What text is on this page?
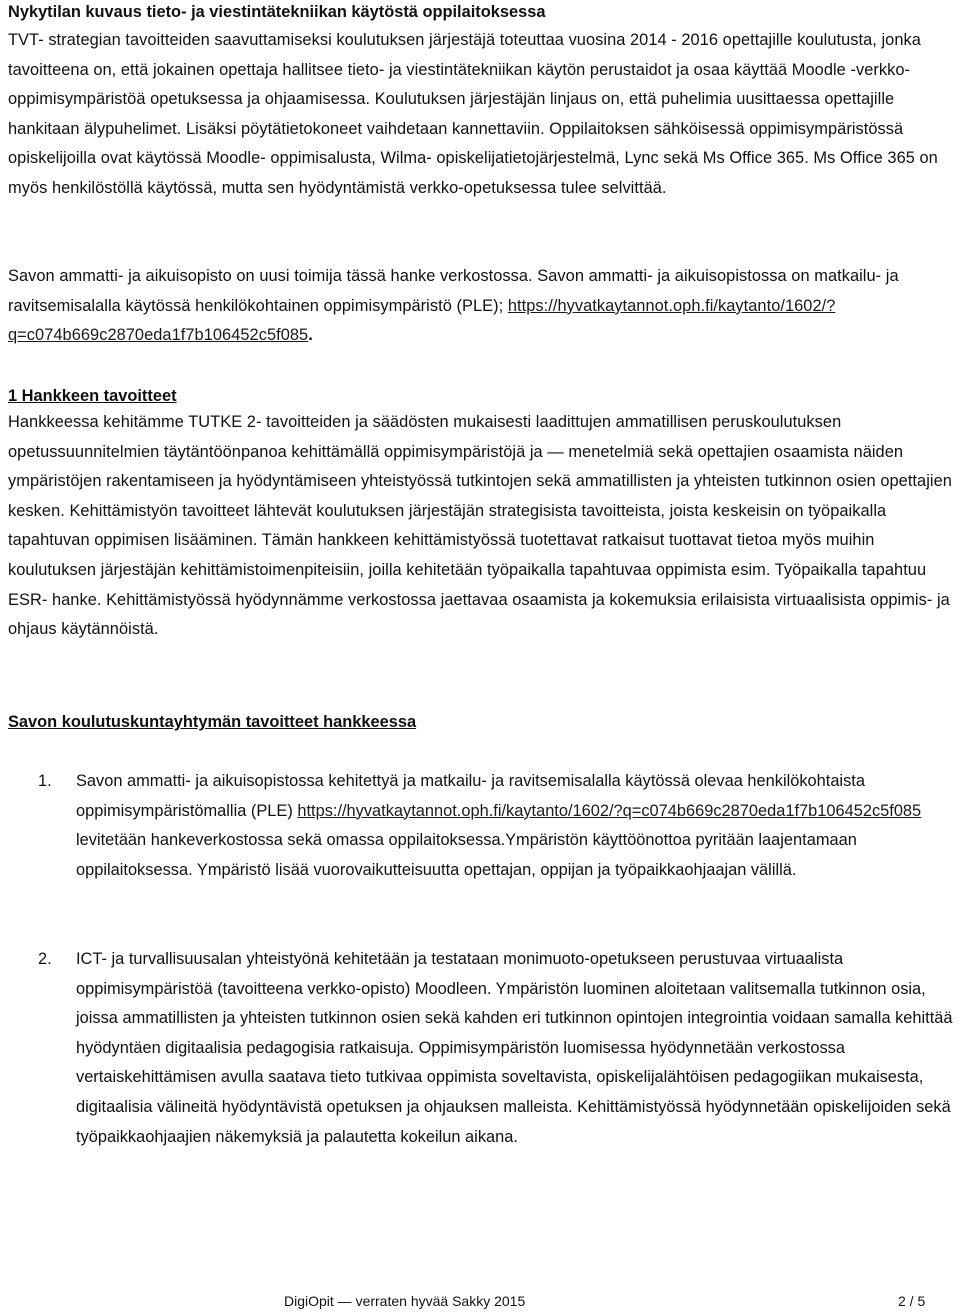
Nykytilan kuvaus tieto- ja viestintätekniikan käytöstä oppilaitoksessa
TVT- strategian tavoitteiden saavuttamiseksi koulutuksen järjestäjä toteuttaa vuosina 2014 - 2016 opettajille koulutusta, jonka tavoitteena on, että jokainen opettaja hallitsee tieto- ja viestintätekniikan käytön perustaidot ja osaa käyttää Moodle -verkko-oppimisympäristöä opetuksessa ja ohjaamisessa. Koulutuksen järjestäjän linjaus on, että puhelimia uusittaessa opettajille hankitaan älypuhelimet. Lisäksi pöytätietokoneet vaihdetaan kannettaviin. Oppilaitoksen sähköisessä oppimisympäristössä opiskelijoilla ovat käytössä Moodle- oppimisalusta, Wilma- opiskelijatietojärjestelmä, Lync sekä Ms Office 365. Ms Office 365 on myös henkilöstöllä käytössä, mutta sen hyödyntämistä verkko-opetuksessa tulee selvittää.
Savon ammatti- ja aikuisopisto on uusi toimija tässä hanke verkostossa. Savon ammatti- ja aikuisopistossa on matkailu- ja ravitsemisalalla käytössä henkilökohtainen oppimisympäristö (PLE); https://hyvatkaytannot.oph.fi/kaytanto/1602/?q=c074b669c2870eda1f7b106452c5f085.
1 Hankkeen tavoitteet
Hankkeessa kehitämme TUTKE 2- tavoitteiden ja säädösten mukaisesti laadittujen ammatillisen peruskoulutuksen opetussuunnitelmien täytäntöönpanoa kehittämällä oppimisympäristöjä ja — menetelmiä sekä opettajien osaamista näiden ympäristöjen rakentamiseen ja hyödyntämiseen yhteistyössä tutkintojen sekä ammatillisten ja yhteisten tutkinnon osien opettajien kesken. Kehittämistyön tavoitteet lähtevät koulutuksen järjestäjän strategisista tavoitteista, joista keskeisin on työpaikalla tapahtuvan oppimisen lisääminen. Tämän hankkeen kehittämistyössä tuotettavat ratkaisut tuottavat tietoa myös muihin koulutuksen järjestäjän kehittämistoimenpiteisiin, joilla kehitetään työpaikalla tapahtuvaa oppimista esim. Työpaikalla tapahtuu ESR- hanke. Kehittämistyössä hyödynnämme verkostossa jaettavaa osaamista ja kokemuksia erilaisista virtuaalisista oppimis- ja ohjaus käytännöistä.
Savon koulutuskuntayhtymän tavoitteet hankkeessa
1. Savon ammatti- ja aikuisopistossa kehitettyä ja matkailu- ja ravitsemisalalla käytössä olevaa henkilökohtaista oppimisympäristömallia (PLE) https://hyvatkaytannot.oph.fi/kaytanto/1602/?q=c074b669c2870eda1f7b106452c5f085 levitetään hankeverkostossa sekä omassa oppilaitoksessa.Ympäristön käyttöönottoa pyritään laajentamaan oppilaitoksessa. Ympäristö lisää vuorovaikutteisuutta opettajan, oppijan ja työpaikkaohjaajan välillä.
2. ICT- ja turvallisuusalan yhteistyönä kehitetään ja testataan monimuoto-opetukseen perustuvaa virtuaalista oppimisympäristöä (tavoitteena verkko-opisto) Moodleen. Ympäristön luominen aloitetaan valitsemalla tutkinnon osia, joissa ammatillisten ja yhteisten tutkinnon osien sekä kahden eri tutkinnon opintojen integrointia voidaan samalla kehittää hyödyntäen digitaalisia pedagogisia ratkaisuja. Oppimisympäristön luomisessa hyödynnetään verkostossa vertaiskehittämisen avulla saatava tieto tutkivaa oppimista soveltavista, opiskelijalähtöisen pedagogiikan mukaisesta, digitaalisia välineitä hyödyntävistä opetuksen ja ohjauksen malleista. Kehittämistyössä hyödynnetään opiskelijoiden sekä työpaikkaohjaajien näkemyksiä ja palautetta kokeilun aikana.
DigiOpit — verraten hyvää Sakky 2015	2 / 5
